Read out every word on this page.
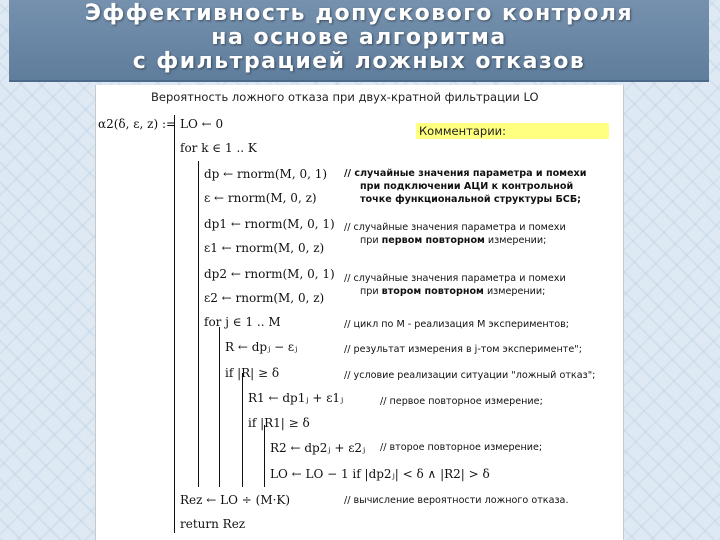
Эффективность допускового контроля
на основе алгоритма
с фильтрацией ложных отказов
Вероятность ложного отказа при двух-кратной фильтрации LO
Комментарии:
α2(δ, ε, z) := LO ← 0
for k ∈ 1 .. K
dp ← rnorm(M, 0, 1)
ε ← rnorm(M, 0, z)
dp1 ← rnorm(M, 0, 1)
ε1 ← rnorm(M, 0, z)
dp2 ← rnorm(M, 0, 1)
ε2 ← rnorm(M, 0, z)
for j ∈ 1 .. M
R ← dpⱼ − εⱼ
if |R| ≥ δ
R1 ← dp1ⱼ + ε1ⱼ
if |R1| ≥ δ
R2 ← dp2ⱼ + ε2ⱼ
LO ← LO − 1 if |dp2ⱼ| < δ ∧ |R2| > δ
Rez ← LO ÷ (M·K)
return Rez
// случайные значения параметра и помехи
при подключении АЦИ к контрольной
точке функциональной структуры БСБ;
// случайные значения параметра и помехи
при первом повторном измерении;
// случайные значения параметра и помехи
при втором повторном измерении;
// цикл по М - реализация М экспериментов;
// результат измерения в j-том эксперименте";
// условие реализации ситуации "ложный отказ";
// первое повторное измерение;
// второе повторное измерение;
// вычисление вероятности ложного отказа.
